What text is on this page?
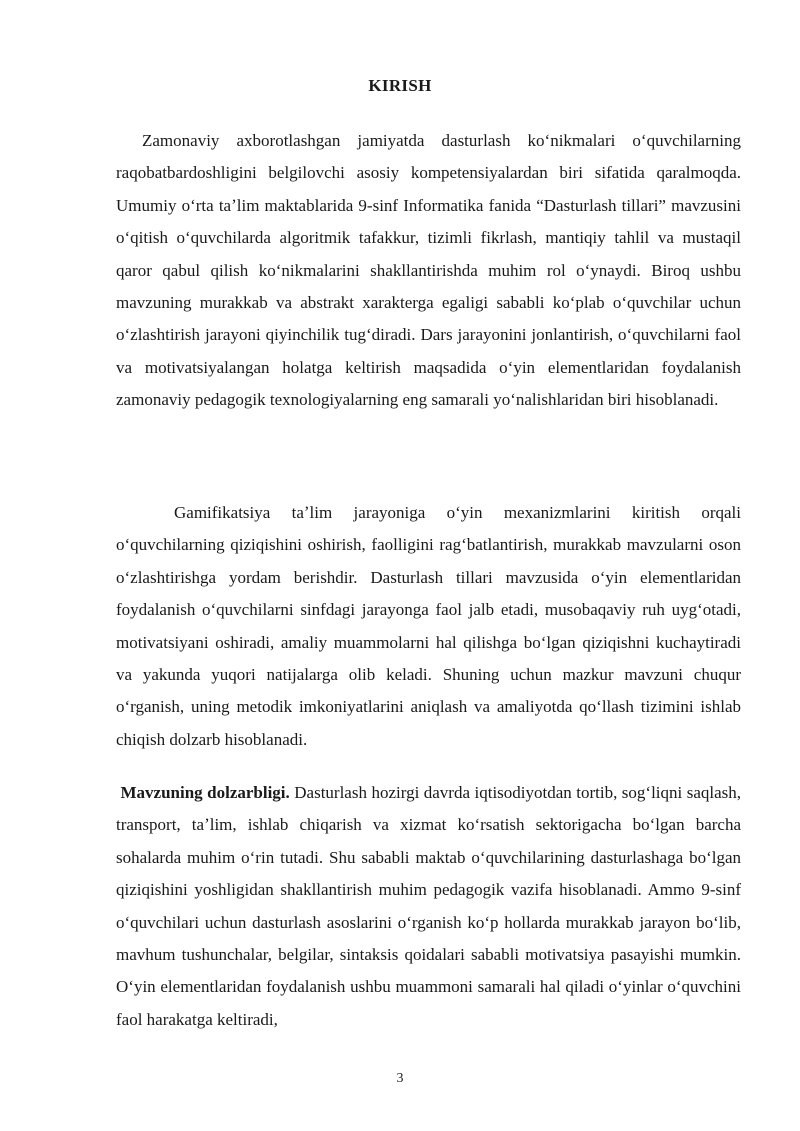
KIRISH

Zamonaviy axborotlashgan jamiyatda dasturlash koʻnikmalari oʻquvchilarning raqobatbardoshligini belgilovchi asosiy kompetensiyalardan biri sifatida qaralmoqda. Umumiy oʻrta taʼlim maktablarida 9-sinf Informatika fanida “Dasturlash tillari” mavzusini oʻqitish oʻquvchilarda algoritmik tafakkur, tizimli fikrlash, mantiqiy tahlil va mustaqil qaror qabul qilish koʻnikmalarini shakllantirishda muhim rol oʻynaydi. Biroq ushbu mavzuning murakkab va abstrakt xarakterga egaligi sababli koʻplab oʻquvchilar uchun oʻzlashtirish jarayoni qiyinchilik tugʻdiradi. Dars jarayonini jonlantirish, oʻquvchilarni faol va motivatsiyalangan holatga keltirish maqsadida oʻyin elementlaridan foydalanish zamonaviy pedagogik texnologiyalarning eng samarali yoʻnalishlaridan biri hisoblanadi.

Gamifikatsiya taʼlim jarayoniga oʻyin mexanizmlarini kiritish orqali oʻquvchilarning qiziqishini oshirish, faolligini ragʻbatlantirish, murakkab mavzularni oson oʻzlashtirishga yordam berishdir. Dasturlash tillari mavzusida oʻyin elementlaridan foydalanish oʻquvchilarni sinfdagi jarayonga faol jalb etadi, musobaqaviy ruh uygʻotadi, motivatsiyani oshiradi, amaliy muammolarni hal qilishga boʻlgan qiziqishni kuchaytiradi va yakunda yuqori natijalarga olib keladi. Shuning uchun mazkur mavzuni chuqur oʻrganish, uning metodik imkoniyatlarini aniqlash va amaliyotda qoʻllash tizimini ishlab chiqish dolzarb hisoblanadi.

Mavzuning dolzarbligi. Dasturlash hozirgi davrda iqtisodiyotdan tortib, sogʻliqni saqlash, transport, taʼlim, ishlab chiqarish va xizmat koʻrsatish sektorigacha boʻlgan barcha sohalarda muhim oʻrin tutadi. Shu sababli maktab oʻquvchilarining dasturlashaga boʻlgan qiziqishini yoshligidan shakllantirish muhim pedagogik vazifa hisoblanadi. Ammo 9-sinf oʻquvchilari uchun dasturlash asoslarini oʻrganish koʻp hollarda murakkab jarayon boʻlib, mavhum tushunchalar, belgilar, sintaksis qoidalari sababli motivatsiya pasayishi mumkin. Oʻyin elementlaridan foydalanish ushbu muammoni samarali hal qiladi oʻyinlar oʻquvchini faol harakatga keltiradi,

3
